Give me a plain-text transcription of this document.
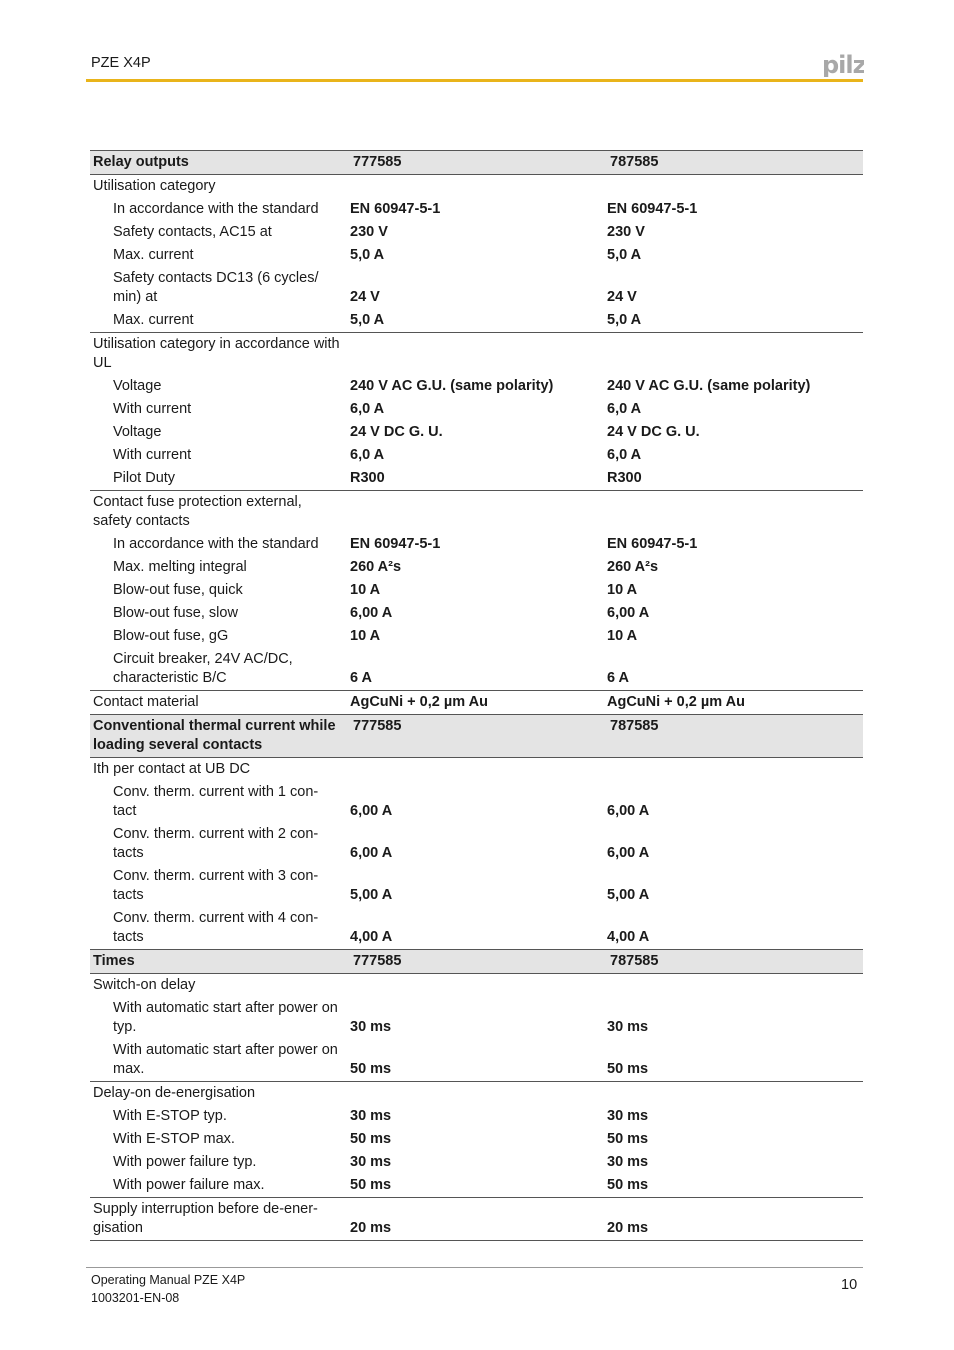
PZE X4P	pilz
Relay outputs	777585	787585
Utilisation category		
In accordance with the standard	EN 60947-5-1	EN 60947-5-1
Safety contacts, AC15 at	230 V	230 V
Max. current	5,0 A	5,0 A
Safety contacts DC13 (6 cycles/ min) at	24 V	24 V
Max. current	5,0 A	5,0 A
Utilisation category in accordance with UL		
Voltage	240 V AC G.U. (same polarity)	240 V AC G.U. (same polarity)
With current	6,0 A	6,0 A
Voltage	24 V DC G. U.	24 V DC G. U.
With current	6,0 A	6,0 A
Pilot Duty	R300	R300
Contact fuse protection external, safety contacts		
In accordance with the standard	EN 60947-5-1	EN 60947-5-1
Max. melting integral	260 A²s	260 A²s
Blow-out fuse, quick	10 A	10 A
Blow-out fuse, slow	6,00 A	6,00 A
Blow-out fuse, gG	10 A	10 A
Circuit breaker, 24V AC/DC, characteristic B/C	6 A	6 A
Contact material	AgCuNi + 0,2 µm Au	AgCuNi + 0,2 µm Au
Conventional thermal current while loading several contacts	777585	787585
Ith per contact at UB DC		
Conv. therm. current with 1 con- tact	6,00 A	6,00 A
Conv. therm. current with 2 con- tacts	6,00 A	6,00 A
Conv. therm. current with 3 con- tacts	5,00 A	5,00 A
Conv. therm. current with 4 con- tacts	4,00 A	4,00 A
Times	777585	787585
Switch-on delay		
With automatic start after power on typ.	30 ms	30 ms
With automatic start after power on max.	50 ms	50 ms
Delay-on de-energisation		
With E-STOP typ.	30 ms	30 ms
With E-STOP max.	50 ms	50 ms
With power failure typ.	30 ms	30 ms
With power failure max.	50 ms	50 ms
Supply interruption before de-ener- gisation	20 ms	20 ms
Operating Manual PZE X4P
1003201-EN-08
10
